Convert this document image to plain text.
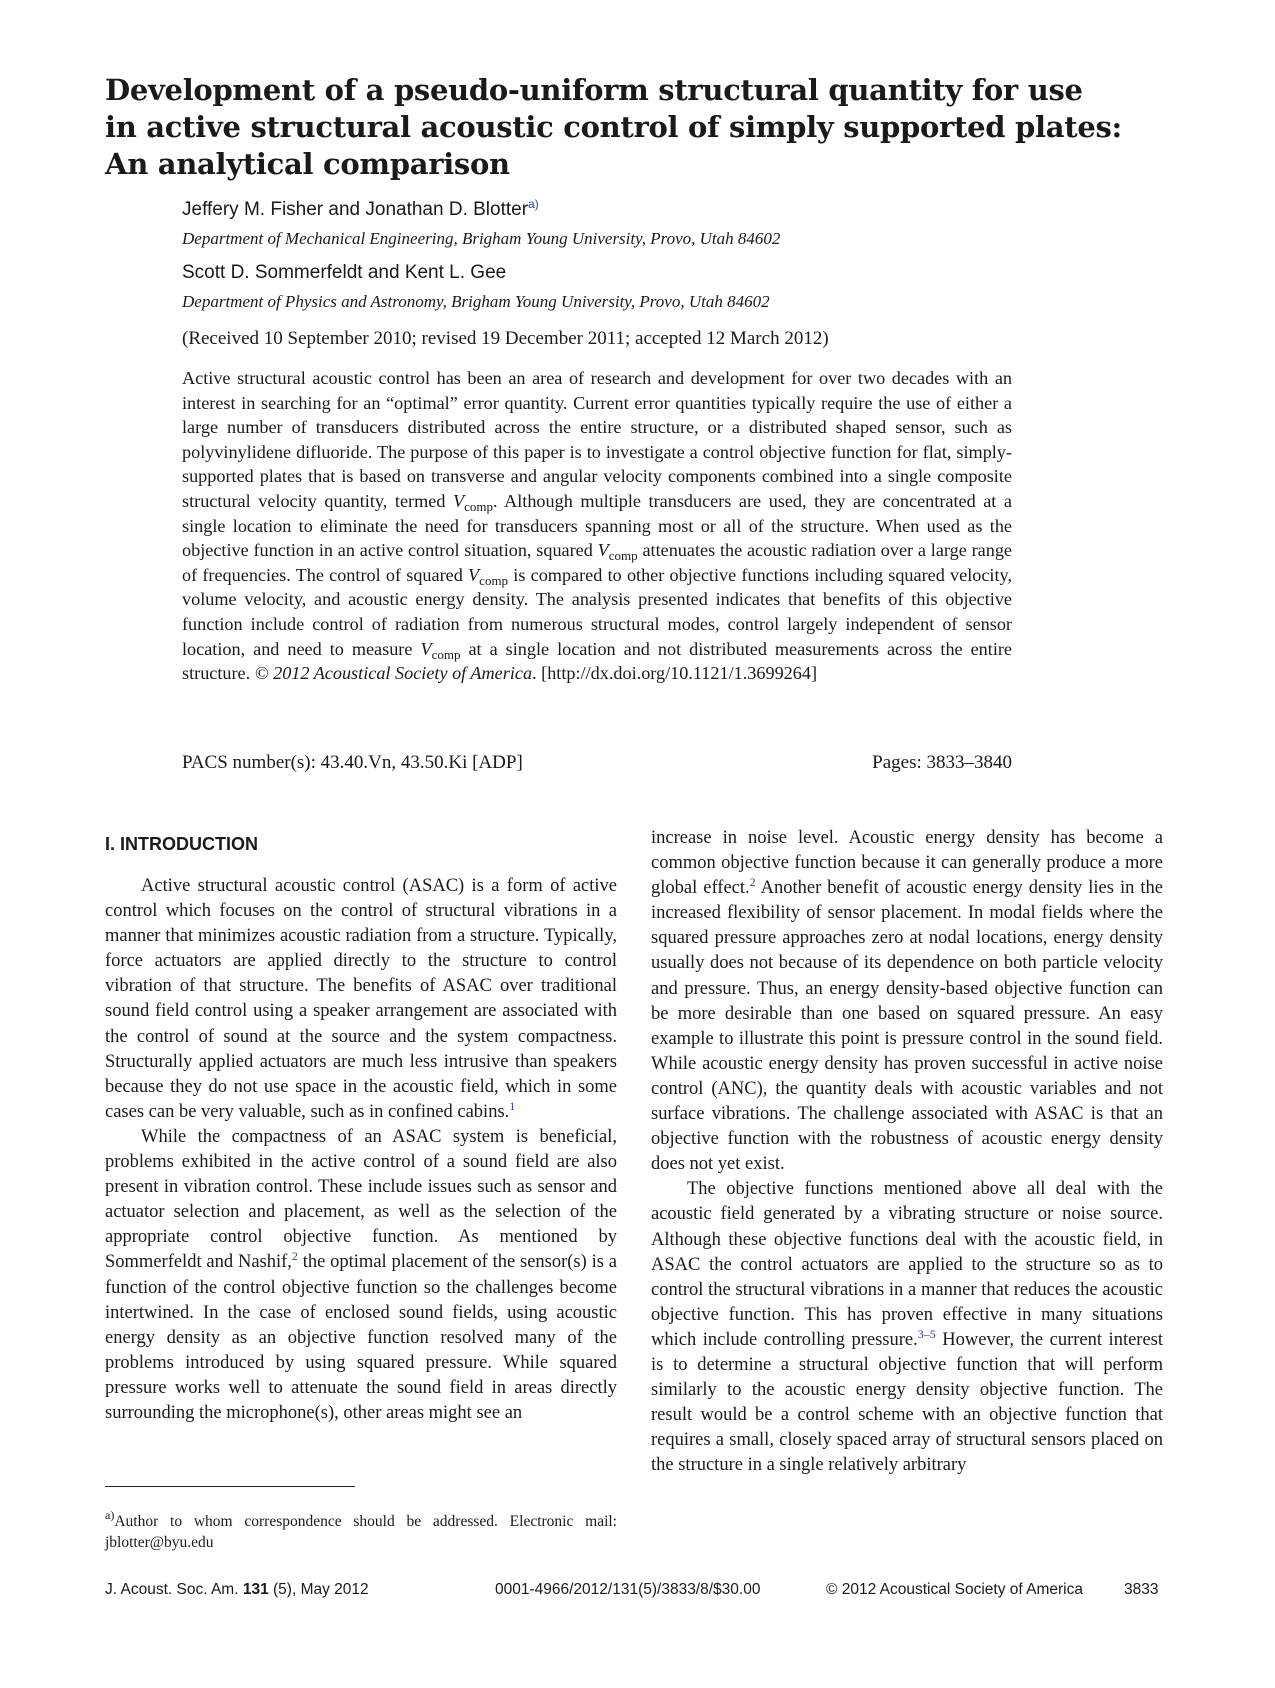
Development of a pseudo-uniform structural quantity for use
in active structural acoustic control of simply supported plates:
An analytical comparison
Jeffery M. Fisher and Jonathan D. Blotter$^{a)}$
Department of Mechanical Engineering, Brigham Young University, Provo, Utah 84602
Scott D. Sommerfeldt and Kent L. Gee
Department of Physics and Astronomy, Brigham Young University, Provo, Utah 84602
(Received 10 September 2010; revised 19 December 2011; accepted 12 March 2012)
Active structural acoustic control has been an area of research and development for over two decades with an interest in searching for an “optimal” error quantity. Current error quantities typically require the use of either a large number of transducers distributed across the entire structure, or a distributed shaped sensor, such as polyvinylidene difluoride. The purpose of this paper is to investigate a control objective function for flat, simply-supported plates that is based on transverse and angular velocity components combined into a single composite structural velocity quantity, termed $V_{comp}$. Although multiple transducers are used, they are concentrated at a single location to eliminate the need for transducers spanning most or all of the structure. When used as the objective function in an active control situation, squared $V_{comp}$ attenuates the acoustic radiation over a large range of frequencies. The control of squared $V_{comp}$ is compared to other objective functions including squared velocity, volume velocity, and acoustic energy density. The analysis presented indicates that benefits of this objective function include control of radiation from numerous structural modes, control largely independent of sensor location, and need to measure $V_{comp}$ at a single location and not distributed measurements across the entire structure. © 2012 Acoustical Society of America. [http://dx.doi.org/10.1121/1.3699264]
PACS number(s): 43.40.Vn, 43.50.Ki [ADP]	Pages: 3833–3840
I. INTRODUCTION

Active structural acoustic control (ASAC) is a form of active control which focuses on the control of structural vibrations in a manner that minimizes acoustic radiation from a structure. Typically, force actuators are applied directly to the structure to control vibration of that structure. The benefits of ASAC over traditional sound field control using a speaker arrangement are associated with the control of sound at the source and the system compactness. Structurally applied actuators are much less intrusive than speakers because they do not use space in the acoustic field, which in some cases can be very valuable, such as in confined cabins.$^1$

While the compactness of an ASAC system is beneficial, problems exhibited in the active control of a sound field are also present in vibration control. These include issues such as sensor and actuator selection and placement, as well as the selection of the appropriate control objective function. As mentioned by Sommerfeldt and Nashif,$^2$ the optimal placement of the sensor(s) is a function of the control objective function so the challenges become intertwined. In the case of enclosed sound fields, using acoustic energy density as an objective function resolved many of the problems introduced by using squared pressure. While squared pressure works well to attenuate the sound field in areas directly surrounding the microphone(s), other areas might see an

increase in noise level. Acoustic energy density has become a common objective function because it can generally produce a more global effect.$^2$ Another benefit of acoustic energy density lies in the increased flexibility of sensor placement. In modal fields where the squared pressure approaches zero at nodal locations, energy density usually does not because of its dependence on both particle velocity and pressure. Thus, an energy density-based objective function can be more desirable than one based on squared pressure. An easy example to illustrate this point is pressure control in the sound field. While acoustic energy density has proven successful in active noise control (ANC), the quantity deals with acoustic variables and not surface vibrations. The challenge associated with ASAC is that an objective function with the robustness of acoustic energy density does not yet exist.

The objective functions mentioned above all deal with the acoustic field generated by a vibrating structure or noise source. Although these objective functions deal with the acoustic field, in ASAC the control actuators are applied to the structure so as to control the structural vibrations in a manner that reduces the acoustic objective function. This has proven effective in many situations which include controlling pressure.$^{3-5}$ However, the current interest is to determine a structural objective function that will perform similarly to the acoustic energy density objective function. The result would be a control scheme with an objective function that requires a small, closely spaced array of structural sensors placed on the structure in a single relatively arbitrary

$^{a)}$Author to whom correspondence should be addressed. Electronic mail: jblotter@byu.edu
J. Acoust. Soc. Am. 131 (5), May 2012	0001-4966/2012/131(5)/3833/8/$30.00	© 2012 Acoustical Society of America	3833
